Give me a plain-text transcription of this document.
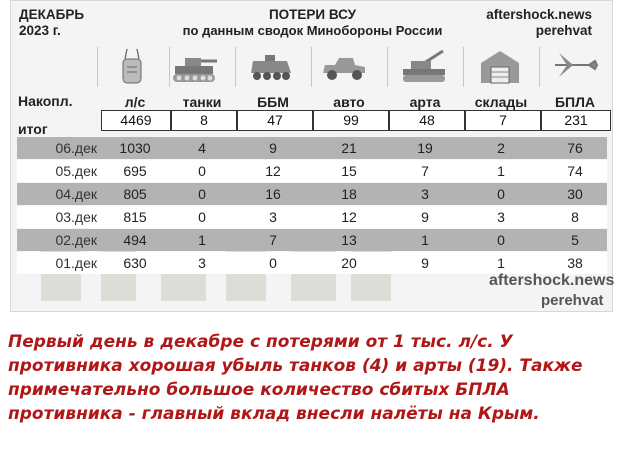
ДЕКАБРЬ
2023 г.
ПОТЕРИ ВСУ
по данным сводок Минобороны России
aftershock.news
perehvat
Накопл.
итог
л/с	танки	ББМ	авто	арта	склады	БПЛА
4469	8	47	99	48	7	231
06.дек	1030	4	9	21	19	2	76
05.дек	695	0	12	15	7	1	74
04.дек	805	0	16	18	3	0	30
03.дек	815	0	3	12	9	3	8
02.дек	494	1	7	13	1	0	5
01.дек	630	3	0	20	9	1	38
aftershock.news
perehvat

Первый день в декабре с потерями от 1 тыс. л/с. У противника хорошая убыль танков (4) и арты (19). Также примечательно большое количество сбитых БПЛА противника - главный вклад внесли налёты на Крым.
